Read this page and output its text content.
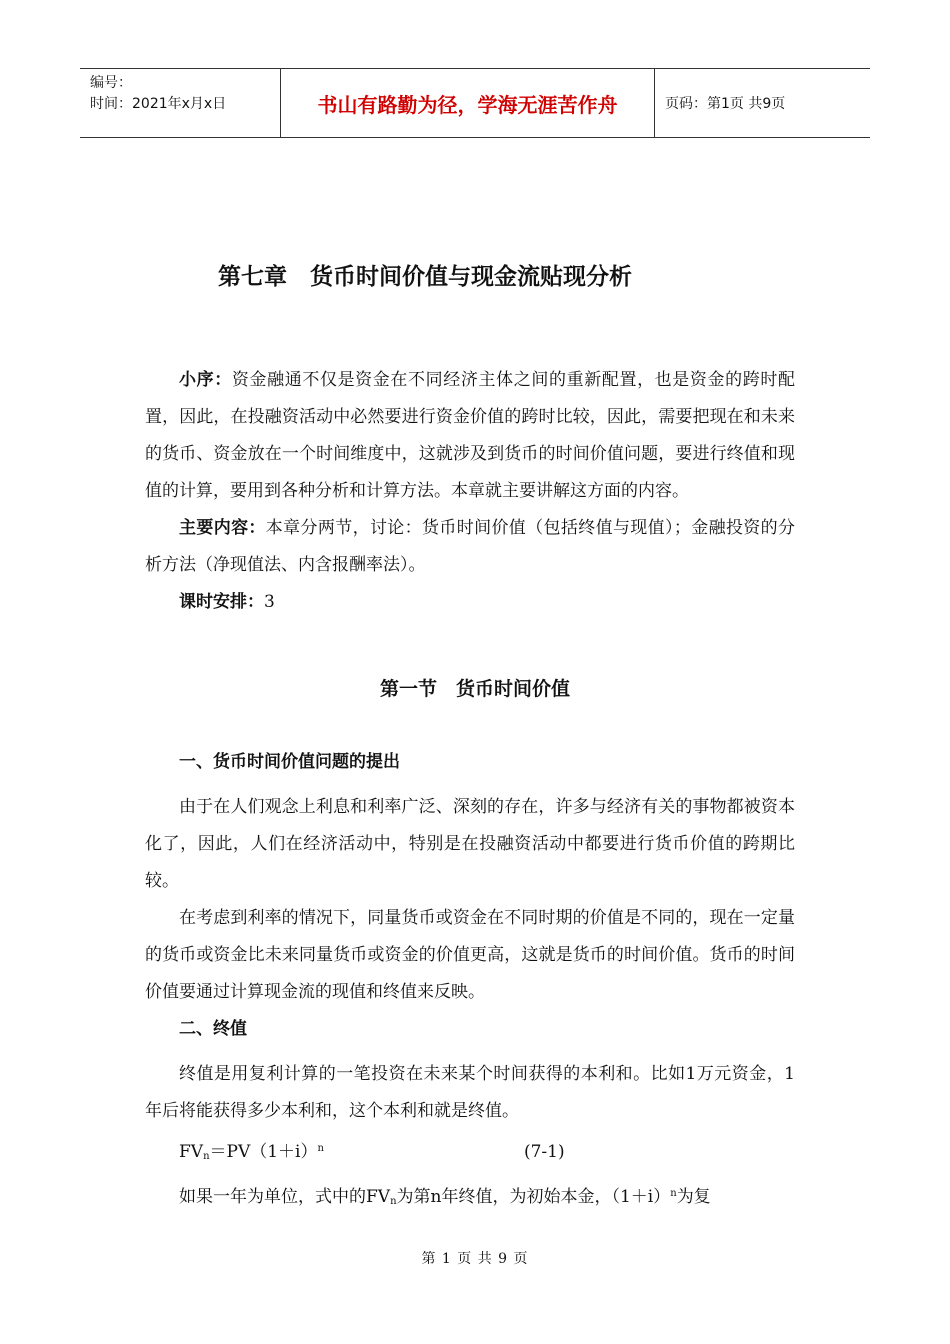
编号：
时间：2021年x月x日	书山有路勤为径，学海无涯苦作舟	页码：第1页 共9页
第七章　货币时间价值与现金流贴现分析

小序：资金融通不仅是资金在不同经济主体之间的重新配置，也是资金的跨时配置，因此，在投融资活动中必然要进行资金价值的跨时比较，因此，需要把现在和未来的货币、资金放在一个时间维度中，这就涉及到货币的时间价值问题，要进行终值和现值的计算，要用到各种分析和计算方法。本章就主要讲解这方面的内容。

主要内容：本章分两节，讨论：货币时间价值（包括终值与现值）；金融投资的分析方法（净现值法、内含报酬率法）。

课时安排：3

第一节　货币时间价值

一、货币时间价值问题的提出

由于在人们观念上利息和利率广泛、深刻的存在，许多与经济有关的事物都被资本化了，因此，人们在经济活动中，特别是在投融资活动中都要进行货币价值的跨期比较。

在考虑到利率的情况下，同量货币或资金在不同时期的价值是不同的，现在一定量的货币或资金比未来同量货币或资金的价值更高，这就是货币的时间价值。货币的时间价值要通过计算现金流的现值和终值来反映。

二、终值

终值是用复利计算的一笔投资在未来某个时间获得的本利和。比如1万元资金，1年后将能获得多少本利和，这个本利和就是终值。

$FV_n=PV(1+i)^n$	(7-1)

如果一年为单位，式中的$FV_n$为第n年终值，为初始本金，$(1+i)^n$为复

第 1 页 共 9 页
